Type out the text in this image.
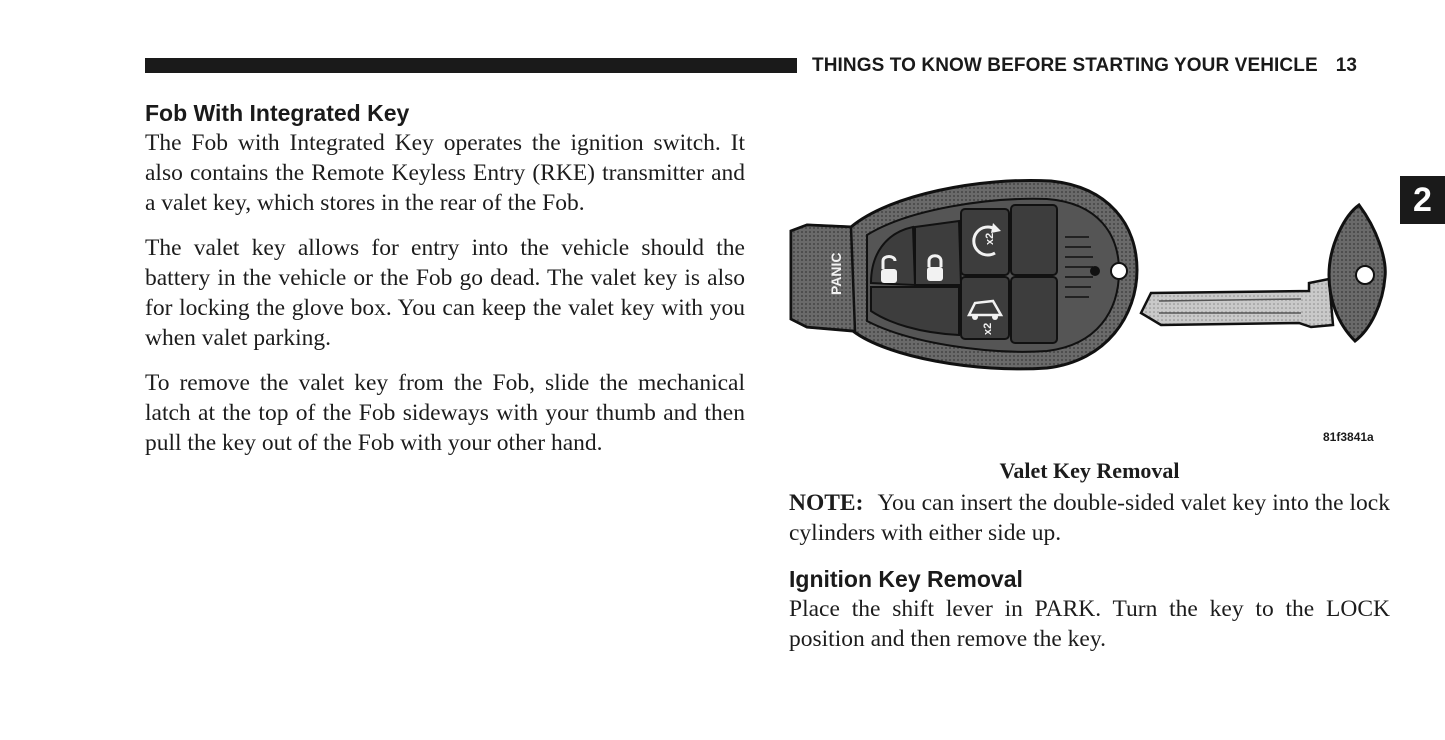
THINGS TO KNOW BEFORE STARTING YOUR VEHICLE 13
2
Fob With Integrated Key

The Fob with Integrated Key operates the ignition switch. It also contains the Remote Keyless Entry (RKE) transmitter and a valet key, which stores in the rear of the Fob.

The valet key allows for entry into the vehicle should the battery in the vehicle or the Fob go dead. The valet key is also for locking the glove box. You can keep the valet key with you when valet parking.

To remove the valet key from the Fob, slide the mechanical latch at the top of the Fob sideways with your thumb and then pull the key out of the Fob with your other hand.

PANIC
x2
x2
81f3841a
Valet Key Removal

NOTE: You can insert the double-sided valet key into the lock cylinders with either side up.

Ignition Key Removal

Place the shift lever in PARK. Turn the key to the LOCK position and then remove the key.
